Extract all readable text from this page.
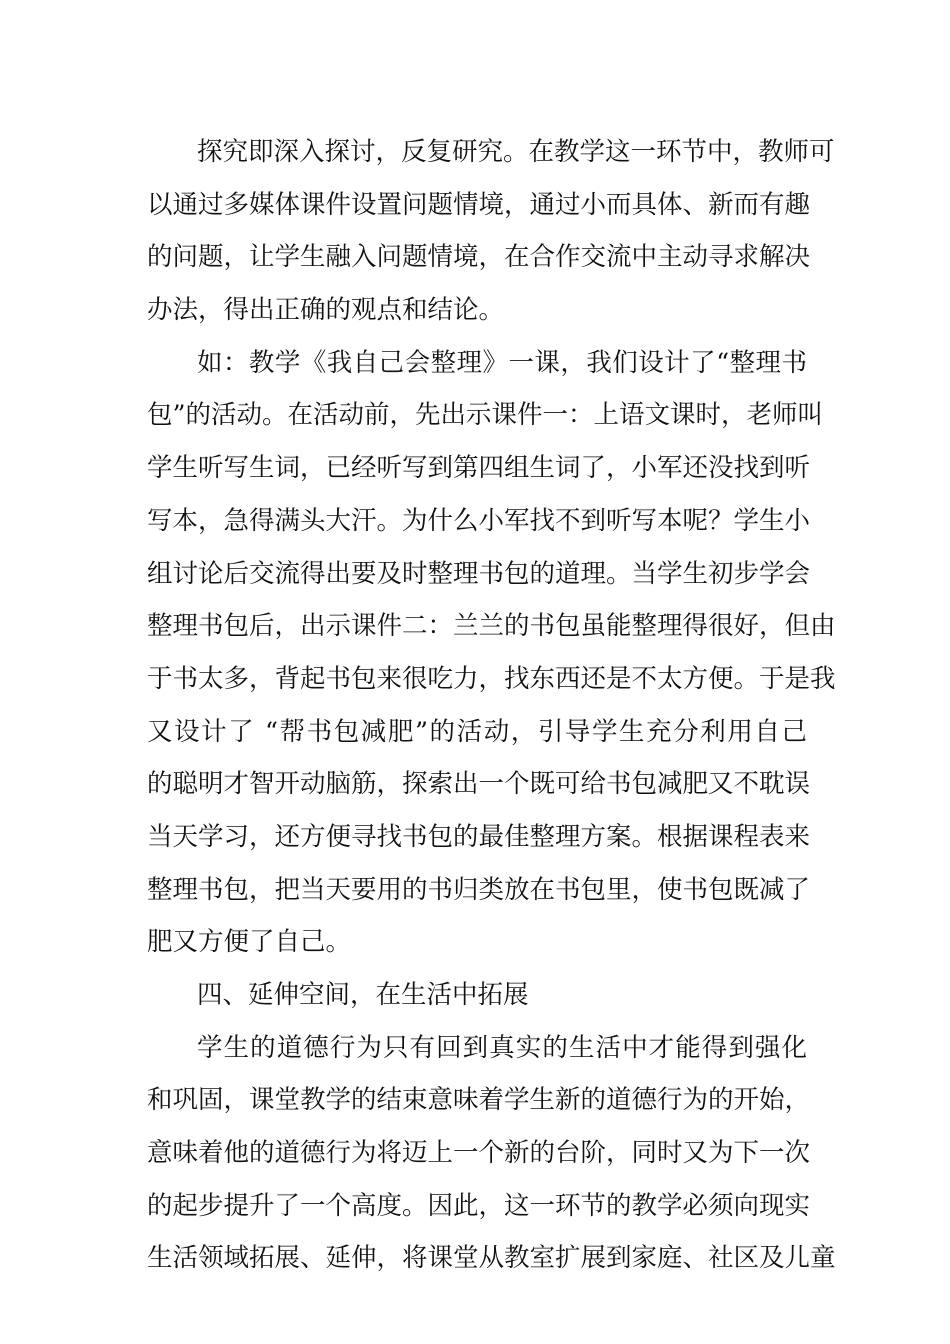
探究即深入探讨，反复研究。在教学这一环节中，教师可
以通过多媒体课件设置问题情境，通过小而具体、新而有趣
的问题，让学生融入问题情境，在合作交流中主动寻求解决
办法，得出正确的观点和结论。
如：教学《我自己会整理》一课，我们设计了“整理书
包”的活动。在活动前，先出示课件一：上语文课时，老师叫
学生听写生词，已经听写到第四组生词了，小军还没找到听
写本，急得满头大汗。为什么小军找不到听写本呢？学生小
组讨论后交流得出要及时整理书包的道理。当学生初步学会
整理书包后，出示课件二：兰兰的书包虽能整理得很好，但由
于书太多，背起书包来很吃力，找东西还是不太方便。于是我
又设计了 “帮书包减肥”的活动，引导学生充分利用自己
的聪明才智开动脑筋，探索出一个既可给书包减肥又不耽误
当天学习，还方便寻找书包的最佳整理方案。根据课程表来
整理书包，把当天要用的书归类放在书包里，使书包既减了
肥又方便了自己。
四、延伸空间，在生活中拓展
学生的道德行为只有回到真实的生活中才能得到强化
和巩固，课堂教学的结束意味着学生新的道德行为的开始，
意味着他的道德行为将迈上一个新的台阶，同时又为下一次
的起步提升了一个高度。因此，这一环节的教学必须向现实
生活领域拓展、延伸，将课堂从教室扩展到家庭、社区及儿童
